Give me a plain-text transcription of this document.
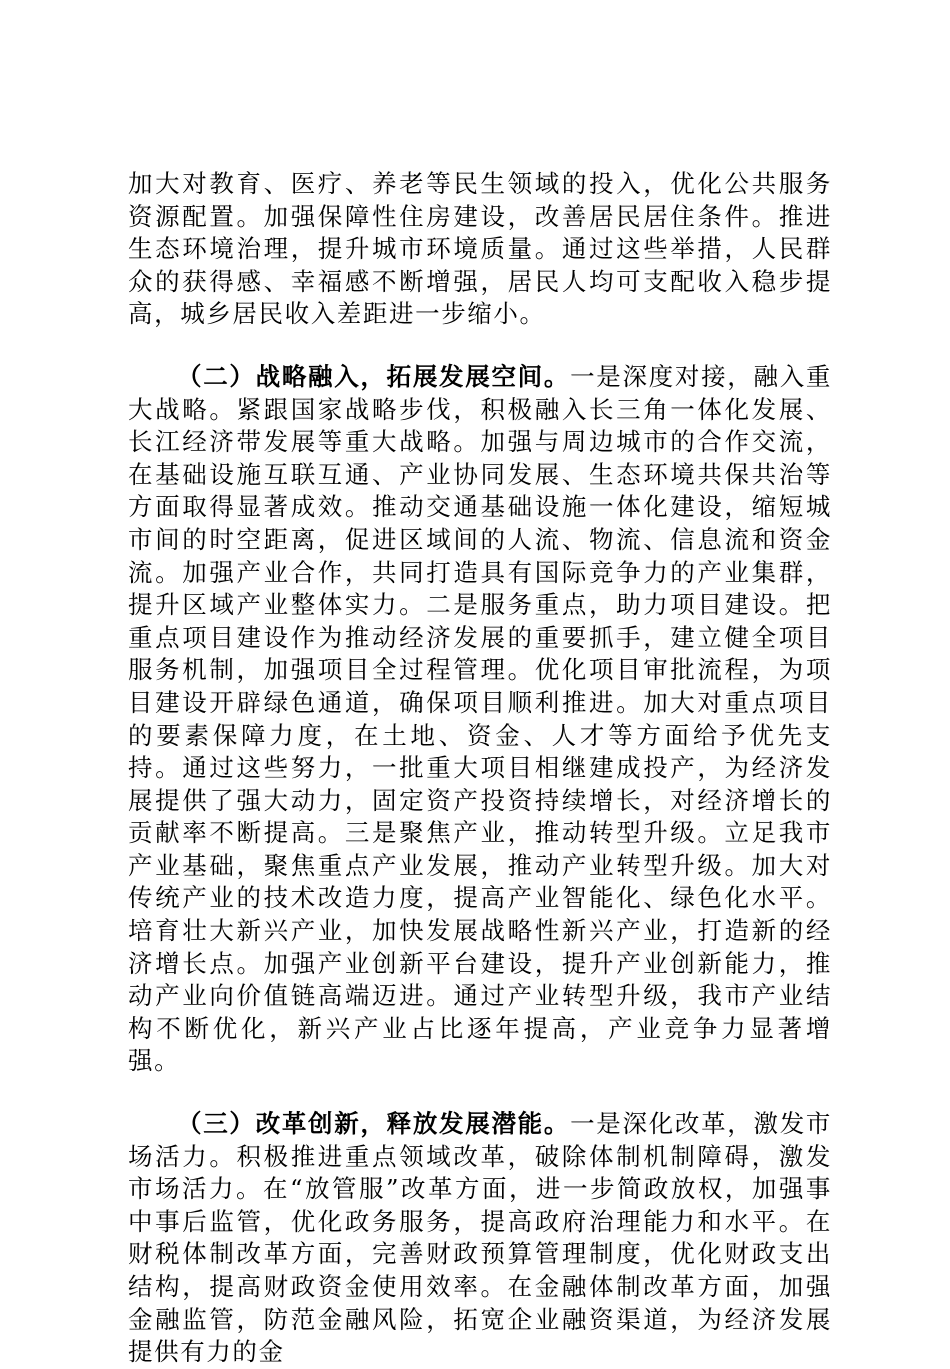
加大对教育、医疗、养老等民生领域的投入，优化公共服务资源配置。加强保障性住房建设，改善居民居住条件。推进生态环境治理，提升城市环境质量。通过这些举措，人民群众的获得感、幸福感不断增强，居民人均可支配收入稳步提高，城乡居民收入差距进一步缩小。

（二）战略融入，拓展发展空间。一是深度对接，融入重大战略。紧跟国家战略步伐，积极融入长三角一体化发展、长江经济带发展等重大战略。加强与周边城市的合作交流，在基础设施互联互通、产业协同发展、生态环境共保共治等方面取得显著成效。推动交通基础设施一体化建设，缩短城市间的时空距离，促进区域间的人流、物流、信息流和资金流。加强产业合作，共同打造具有国际竞争力的产业集群，提升区域产业整体实力。二是服务重点，助力项目建设。把重点项目建设作为推动经济发展的重要抓手，建立健全项目服务机制，加强项目全过程管理。优化项目审批流程，为项目建设开辟绿色通道，确保项目顺利推进。加大对重点项目的要素保障力度，在土地、资金、人才等方面给予优先支持。通过这些努力，一批重大项目相继建成投产，为经济发展提供了强大动力，固定资产投资持续增长，对经济增长的贡献率不断提高。三是聚焦产业，推动转型升级。立足我市产业基础，聚焦重点产业发展，推动产业转型升级。加大对传统产业的技术改造力度，提高产业智能化、绿色化水平。培育壮大新兴产业，加快发展战略性新兴产业，打造新的经济增长点。加强产业创新平台建设，提升产业创新能力，推动产业向价值链高端迈进。通过产业转型升级，我市产业结构不断优化，新兴产业占比逐年提高，产业竞争力显著增强。

（三）改革创新，释放发展潜能。一是深化改革，激发市场活力。积极推进重点领域改革，破除体制机制障碍，激发市场活力。在“放管服”改革方面，进一步简政放权，加强事中事后监管，优化政务服务，提高政府治理能力和水平。在财税体制改革方面，完善财政预算管理制度，优化财政支出结构，提高财政资金使用效率。在金融体制改革方面，加强金融监管，防范金融风险，拓宽企业融资渠道，为经济发展提供有力的金
